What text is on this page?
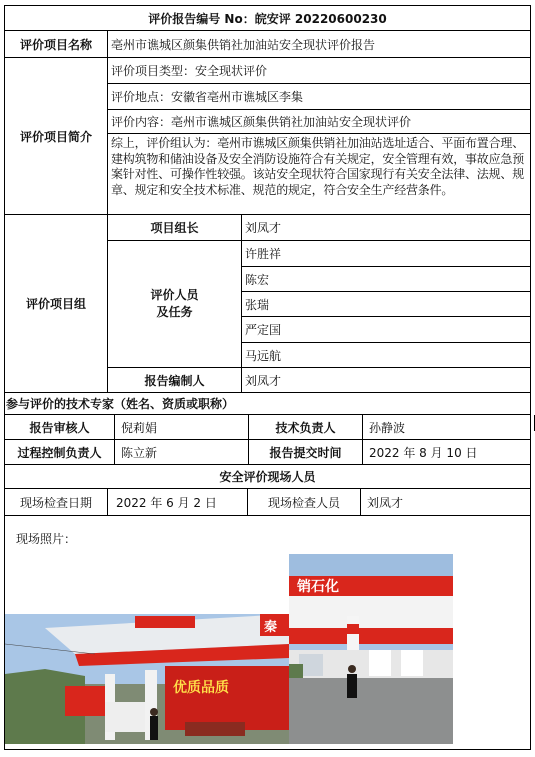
评价报告编号 No： 皖安评 20220600230
评价项目名称	亳州市谯城区颜集供销社加油站安全现状评价报告
评价项目简介
评价项目类型：安全现状评价
评价地点：安徽省亳州市谯城区李集
评价内容：亳州市谯城区颜集供销社加油站安全现状评价
综上，评价组认为：亳州市谯城区颜集供销社加油站选址适合、平面布置合理、建构筑物和储油设备及安全消防设施符合有关规定，安全管理有效，事故应急预案针对性、可操作性较强。该站安全现状符合国家现行有关安全法律、法规、规章、规定和安全技术标准、规范的规定，符合安全生产经营条件。
评价项目组
项目组长	刘凤才
评价人员
及任务
许胜祥
陈宏
张瑞
严定国
马远航
报告编制人	刘凤才
参与评价的技术专家（姓名、资质或职称）
报告审核人	倪莉娟	技术负责人	孙静波
过程控制负责人	陈立新	报告提交时间	2022 年 8 月 10 日
安全评价现场人员
现场检查日期	2022 年 6 月 2 日	现场检查人员	刘凤才
现场照片：
秦
优质品质
销石化
